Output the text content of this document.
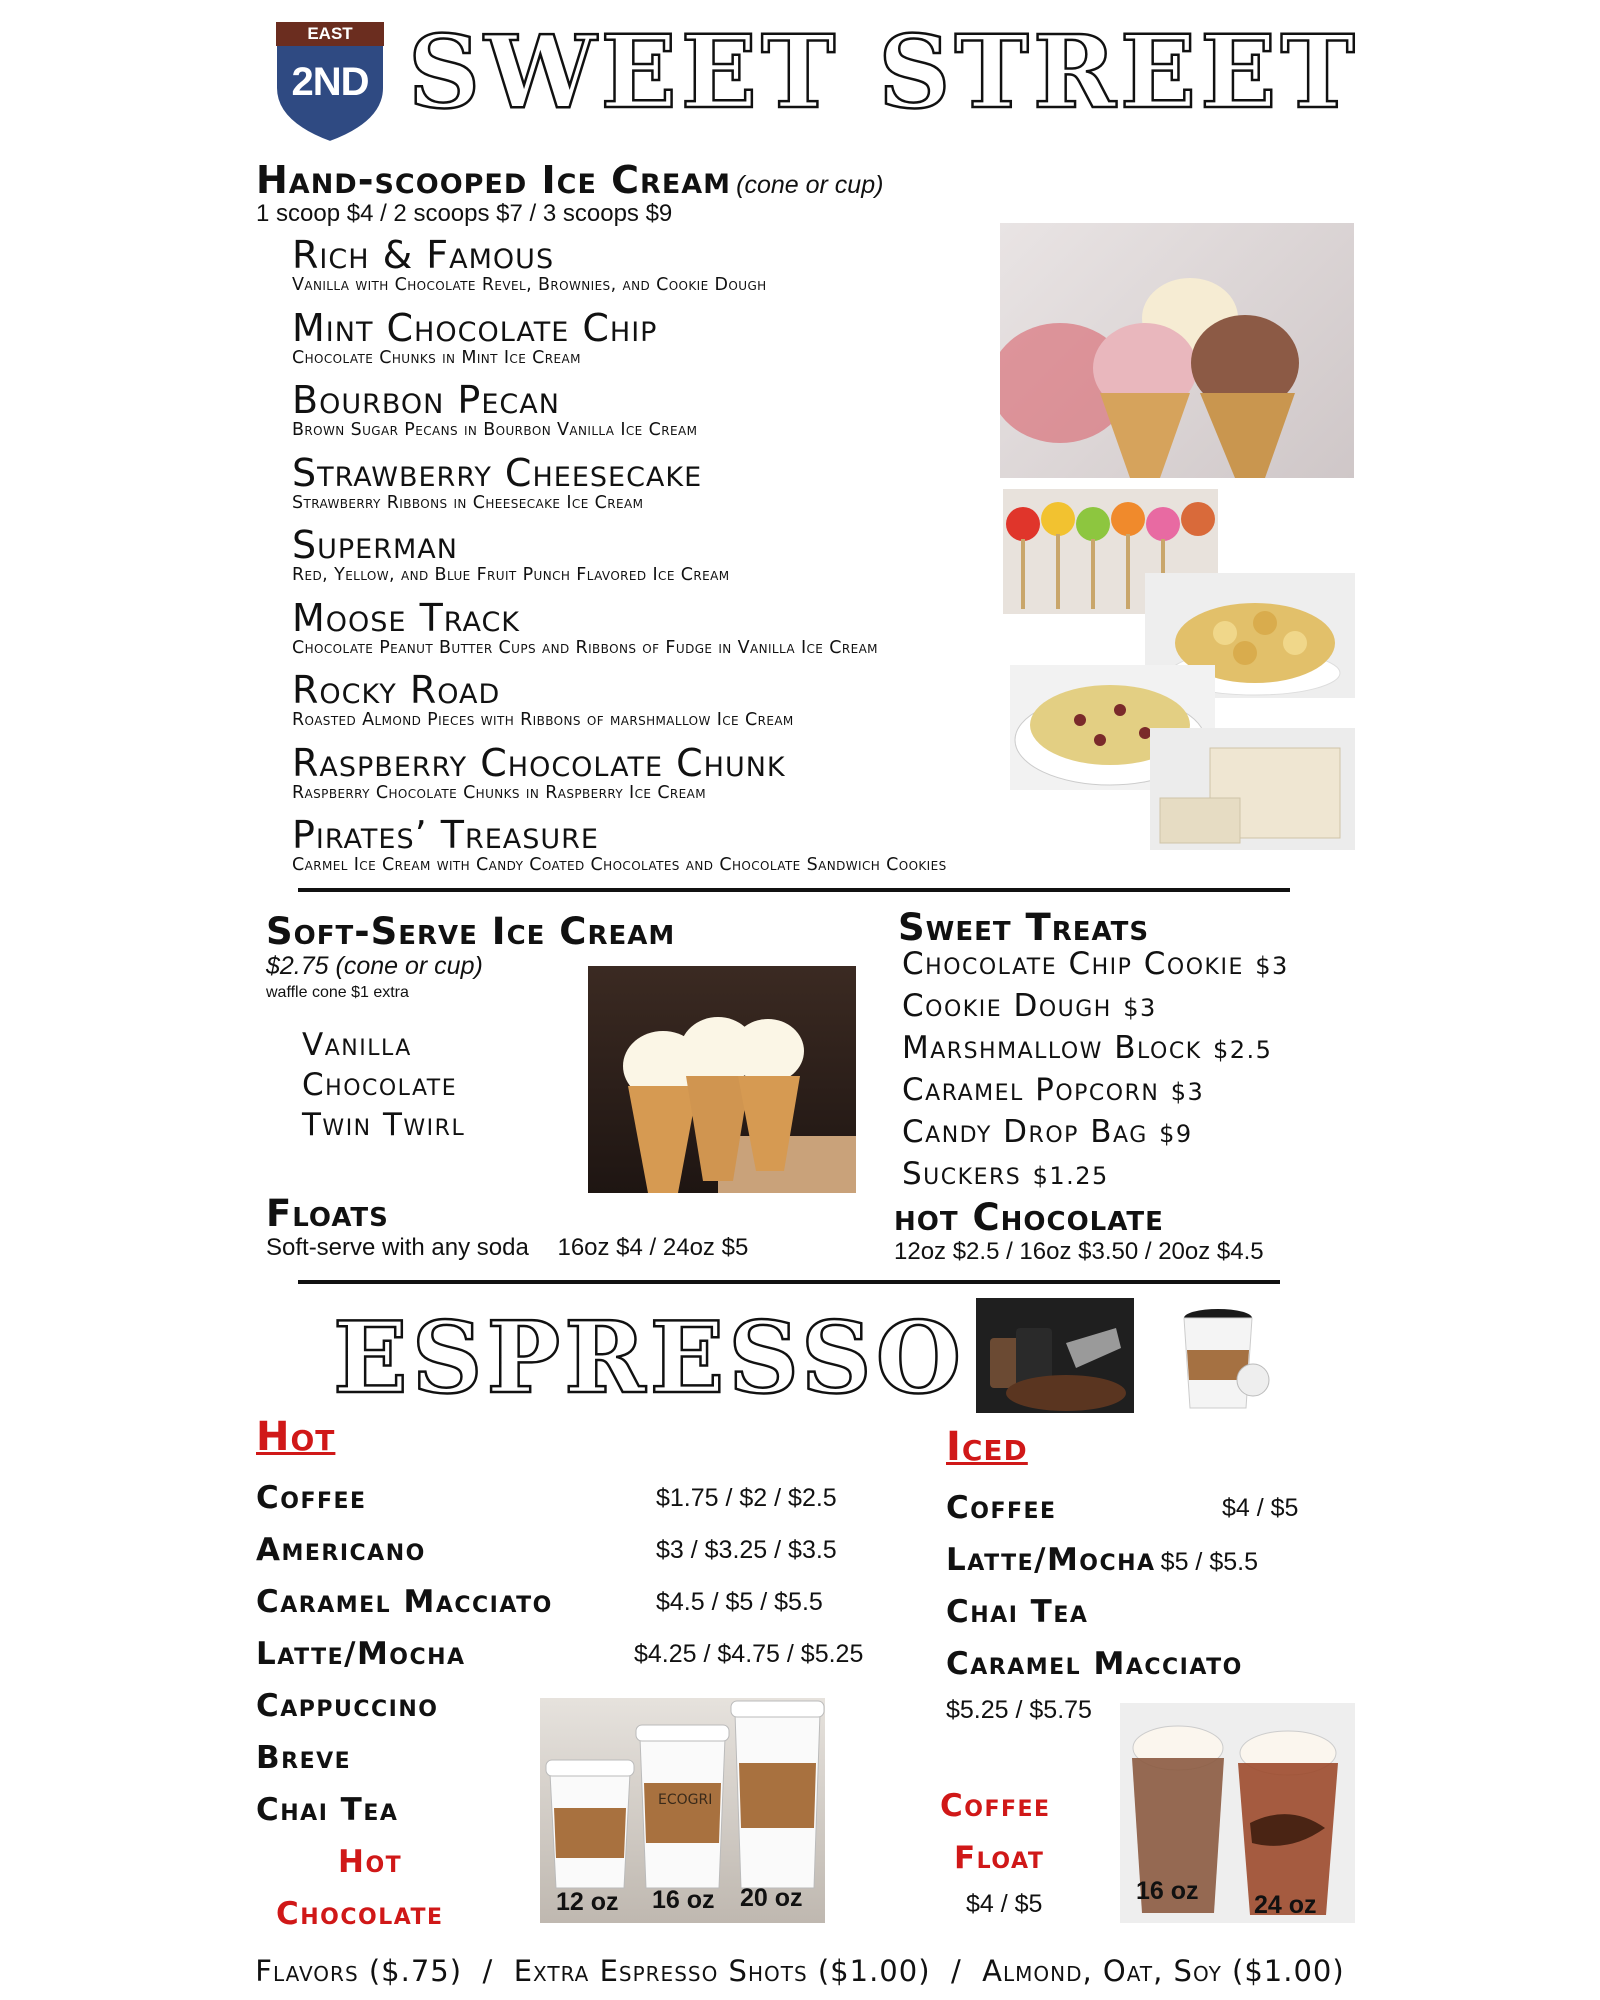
EAST
2ND SWEET STREET
Hand-scooped Ice Cream (cone or cup)
1 scoop $4 / 2 scoops $7 / 3 scoops $9
Rich & Famous
Vanilla with Chocolate Revel, Brownies, and Cookie Dough
Mint Chocolate Chip
Chocolate Chunks in Mint Ice Cream
Bourbon Pecan
Brown Sugar Pecans in Bourbon Vanilla Ice Cream
Strawberry Cheesecake
Strawberry Ribbons in Cheesecake Ice Cream
Superman
Red, Yellow, and Blue Fruit Punch Flavored Ice Cream
Moose Track
Chocolate Peanut Butter Cups and Ribbons of Fudge in Vanilla Ice Cream
Rocky Road
Roasted Almond Pieces with Ribbons of marshmallow Ice Cream
Raspberry Chocolate Chunk
Raspberry Chocolate Chunks in Raspberry Ice Cream
Pirates’ Treasure
Carmel Ice Cream with Candy Coated Chocolates and Chocolate Sandwich Cookies
Soft-Serve Ice Cream
$2.75 (cone or cup)
waffle cone $1 extra
Vanilla
Chocolate
Twin Twirl
Sweet Treats
Chocolate Chip Cookie $3
Cookie Dough $3
Marshmallow Block $2.5
Caramel Popcorn $3
Candy Drop Bag $9
Suckers $1.25
Floats
Soft-serve with any soda 16oz $4 / 24oz $5
hot Chocolate
12oz $2.5 / 16oz $3.50 / 20oz $4.5
ESPRESSO
Hot
Coffee	$1.75 / $2 / $2.5
Americano	$3 / $3.25 / $3.5
Caramel Macciato	$4.5 / $5 / $5.5
Latte/Mocha	$4.25 / $4.75 / $5.25
Cappuccino
Breve
Chai Tea
Hot
Chocolate
ECOGRI
12 oz 16 oz 20 oz
Iced
Coffee	$4 / $5
Latte/Mocha $5 / $5.5
Chai Tea
Caramel Macciato
$5.25 / $5.75
Coffee
Float
$4 / $5	16 oz 24 oz
Flavors ($.75)  /  Extra Espresso Shots ($1.00)  /  Almond, Oat, Soy ($1.00)
